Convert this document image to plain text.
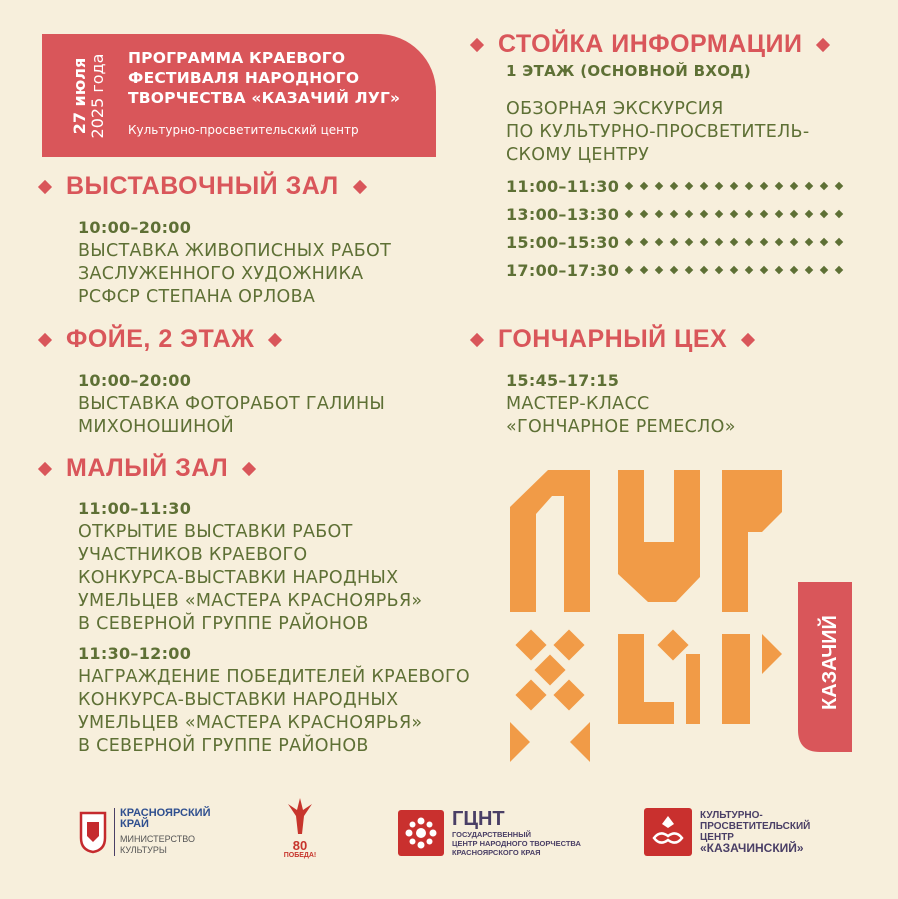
27 июля
2025 года ПРОГРАММА КРАЕВОГО
ФЕСТИВАЛЯ НАРОДНОГО
ТВОРЧЕСТВА «КАЗАЧИЙ ЛУГ»
Культурно-просветительский центр
ВЫСТАВОЧНЫЙ ЗАЛ
10:00–20:00
ВЫСТАВКА ЖИВОПИСНЫХ РАБОТ
ЗАСЛУЖЕННОГО ХУДОЖНИКА
РСФСР СТЕПАНА ОРЛОВА
ФОЙЕ, 2 ЭТАЖ
10:00–20:00
ВЫСТАВКА ФОТОРАБОТ ГАЛИНЫ
МИХОНОШИНОЙ
МАЛЫЙ ЗАЛ
11:00–11:30
ОТКРЫТИЕ ВЫСТАВКИ РАБОТ
УЧАСТНИКОВ КРАЕВОГО
КОНКУРСА-ВЫСТАВКИ НАРОДНЫХ
УМЕЛЬЦЕВ «МАСТЕРА КРАСНОЯРЬЯ»
В СЕВЕРНОЙ ГРУППЕ РАЙОНОВ
11:30–12:00
НАГРАЖДЕНИЕ ПОБЕДИТЕЛЕЙ КРАЕВОГО
КОНКУРСА-ВЫСТАВКИ НАРОДНЫХ
УМЕЛЬЦЕВ «МАСТЕРА КРАСНОЯРЬЯ»
В СЕВЕРНОЙ ГРУППЕ РАЙОНОВ
СТОЙКА ИНФОРМАЦИИ
1 ЭТАЖ (ОСНОВНОЙ ВХОД)
ОБЗОРНАЯ ЭКСКУРСИЯ
ПО КУЛЬТУРНО-ПРОСВЕТИТЕЛЬ-
СКОМУ ЦЕНТРУ
11:00–11:30
13:00–13:30
15:00–15:30
17:00–17:30
ГОНЧАРНЫЙ ЦЕХ
15:45–17:15
МАСТЕР-КЛАСС
«ГОНЧАРНОЕ РЕМЕСЛО»
КАЗАЧИЙ
КРАСНОЯРСКИЙ
КРАЙ
МИНИСТЕРСТВО
КУЛЬТУРЫ	80
ПОБЕДА!
ГЦНТ
ГОСУДАРСТВЕННЫЙ
ЦЕНТР НАРОДНОГО ТВОРЧЕСТВА
КРАСНОЯРСКОГО КРАЯ
КУЛЬТУРНО-
ПРОСВЕТИТЕЛЬСКИЙ
ЦЕНТР
«КАЗАЧИНСКИЙ»
